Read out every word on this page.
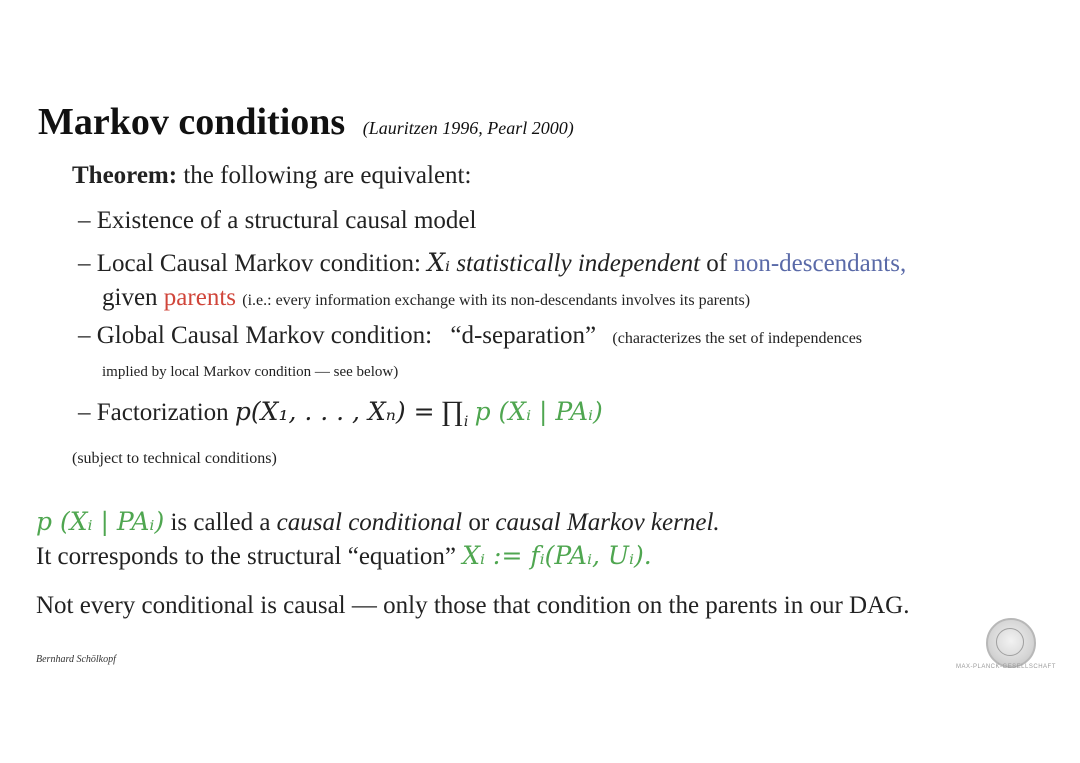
Markov conditions (Lauritzen 1996, Pearl 2000)
Theorem: the following are equivalent:
– Existence of a structural causal model
– Local Causal Markov condition: Xᵢ statistically independent of non-descendants,
given parents (i.e.: every information exchange with its non-descendants involves its parents)
– Global Causal Markov condition: “d-separation” (characterizes the set of independences
implied by local Markov condition — see below)
– Factorization p(X₁, . . . , $X_n) = \prod_i$ p (Xᵢ | PAᵢ)
(subject to technical conditions)
p (Xᵢ | PAᵢ) is called a causal conditional or causal Markov kernel.
It corresponds to the structural “equation” Xᵢ := fᵢ(PAᵢ, Uᵢ).
Not every conditional is causal — only those that condition on the parents in our DAG.
Bernhard Schölkopf
MAX-PLANCK-GESELLSCHAFT
